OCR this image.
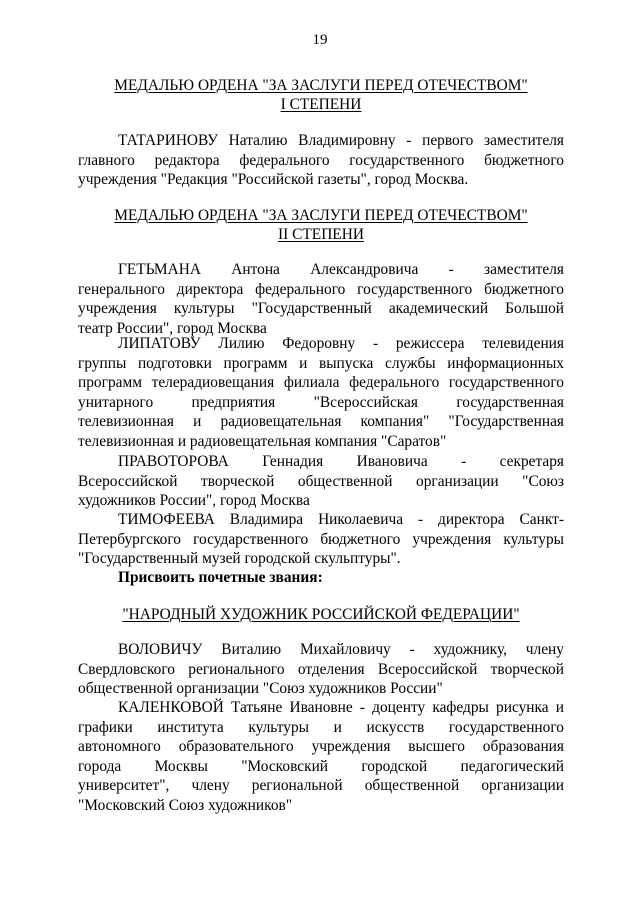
19
МЕДАЛЬЮ ОРДЕНА "ЗА ЗАСЛУГИ ПЕРЕД ОТЕЧЕСТВОМ"
I СТЕПЕНИ
ТАТАРИНОВУ Наталию Владимировну - первого заместителя
главного редактора федерального государственного бюджетного
учреждения "Редакция "Российской газеты", город Москва.
МЕДАЛЬЮ ОРДЕНА "ЗА ЗАСЛУГИ ПЕРЕД ОТЕЧЕСТВОМ"
II СТЕПЕНИ
ГЕТЬМАНА Антона Александровича - заместителя
генерального директора федерального государственного бюджетного
учреждения культуры "Государственный академический Большой
театр России", город Москва
ЛИПАТОВУ Лилию Федоровну - режиссера телевидения
группы подготовки программ и выпуска службы информационных
программ телерадиовещания филиала федерального государственного
унитарного предприятия "Всероссийская государственная
телевизионная и радиовещательная компания" "Государственная
телевизионная и радиовещательная компания "Саратов"
ПРАВОТОРОВА Геннадия Ивановича - секретаря
Всероссийской творческой общественной организации "Союз
художников России", город Москва
ТИМОФЕЕВА Владимира Николаевича - директора Санкт-
Петербургского государственного бюджетного учреждения культуры
"Государственный музей городской скульптуры".
Присвоить почетные звания:
"НАРОДНЫЙ ХУДОЖНИК РОССИЙСКОЙ ФЕДЕРАЦИИ"
ВОЛОВИЧУ Виталию Михайловичу - художнику, члену
Свердловского регионального отделения Всероссийской творческой
общественной организации "Союз художников России"
КАЛЕНКОВОЙ Татьяне Ивановне - доценту кафедры рисунка и
графики института культуры и искусств государственного
автономного образовательного учреждения высшего образования
города Москвы "Московский городской педагогический
университет", члену региональной общественной организации
"Московский Союз художников"
